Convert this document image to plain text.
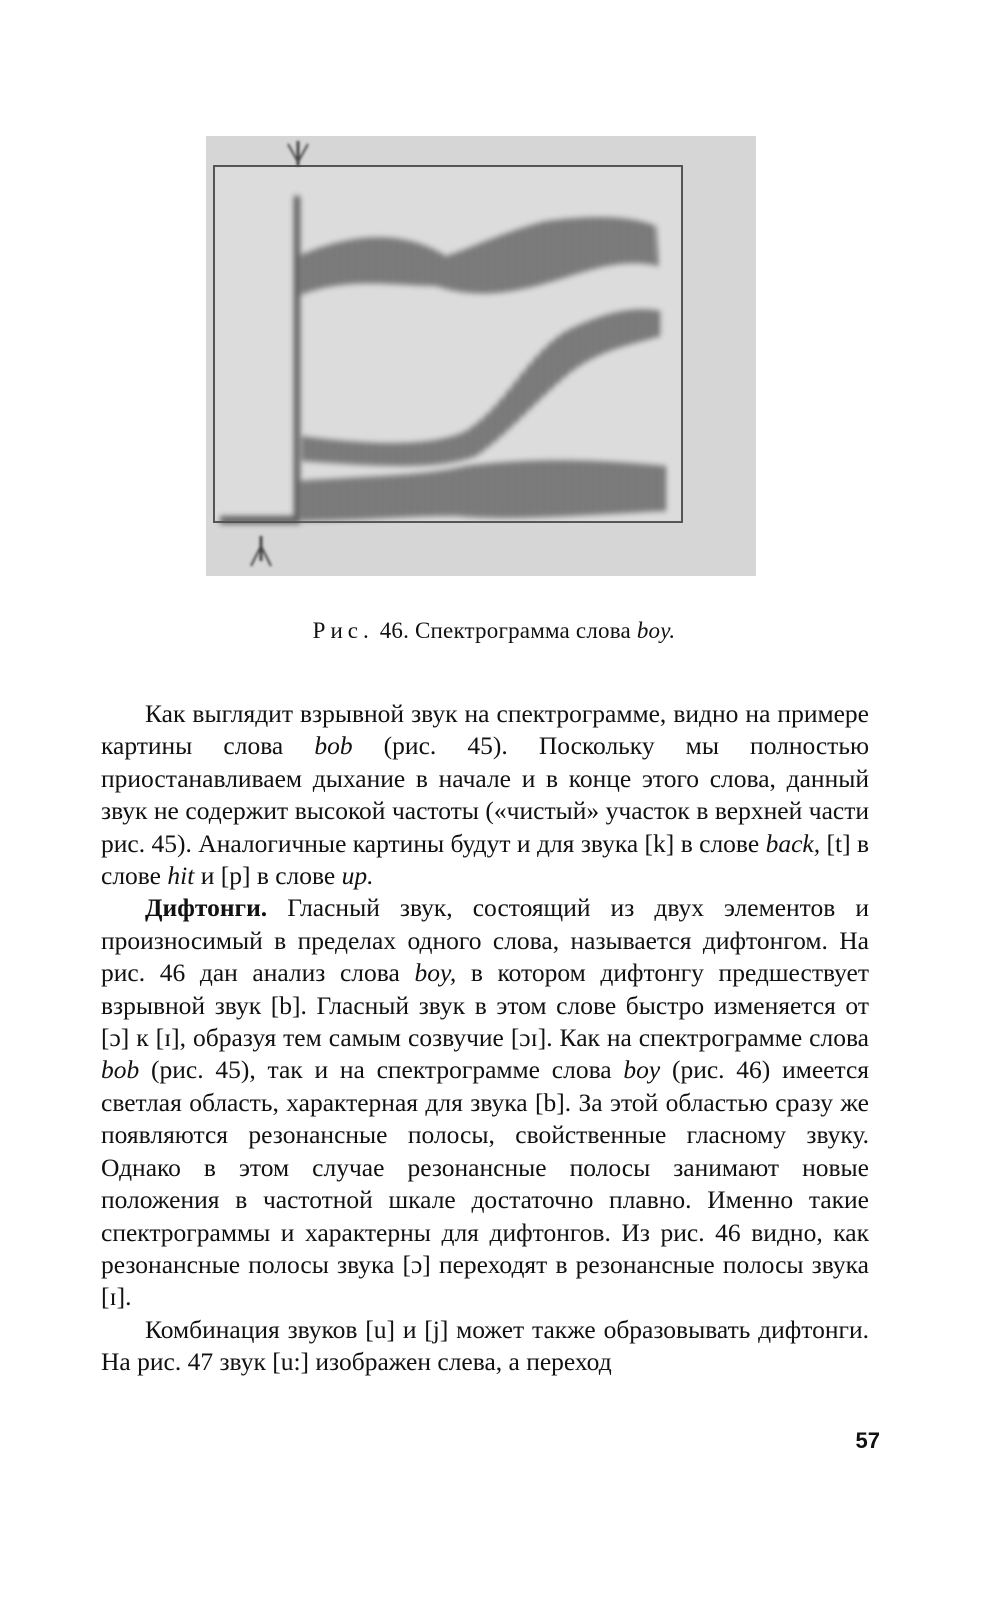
Рис. 46. Спектрограмма слова boy.

Как выглядит взрывной звук на спектрограмме, видно на примере картины слова bob (рис. 45). Поскольку мы полностью приостанавливаем дыхание в начале и в конце этого слова, данный звук не содержит высокой частоты («чистый» участок в верхней части рис. 45). Аналогичные картины будут и для звука [k] в слове back, [t] в слове hit и [p] в слове up.

Дифтонги. Гласный звук, состоящий из двух элементов и произносимый в пределах одного слова, называется дифтонгом. На рис. 46 дан анализ слова boy, в котором дифтонгу предшествует взрывной звук [b]. Гласный звук в этом слове быстро изменяется от [ɔ] к [ɪ], образуя тем самым созвучие [ɔɪ]. Как на спектрограмме слова bob (рис. 45), так и на спектрограмме слова boy (рис. 46) имеется светлая область, характерная для звука [b]. За этой областью сразу же появляются резонансные полосы, свойственные гласному звуку. Однако в этом случае резонансные полосы занимают новые положения в частотной шкале достаточно плавно. Именно такие спектрограммы и характерны для дифтонгов. Из рис. 46 видно, как резонансные полосы звука [ɔ] переходят в резонансные полосы звука [ɪ].

Комбинация звуков [u] и [j] может также образовывать дифтонги. На рис. 47 звук [u:] изображен слева, а переход

57
